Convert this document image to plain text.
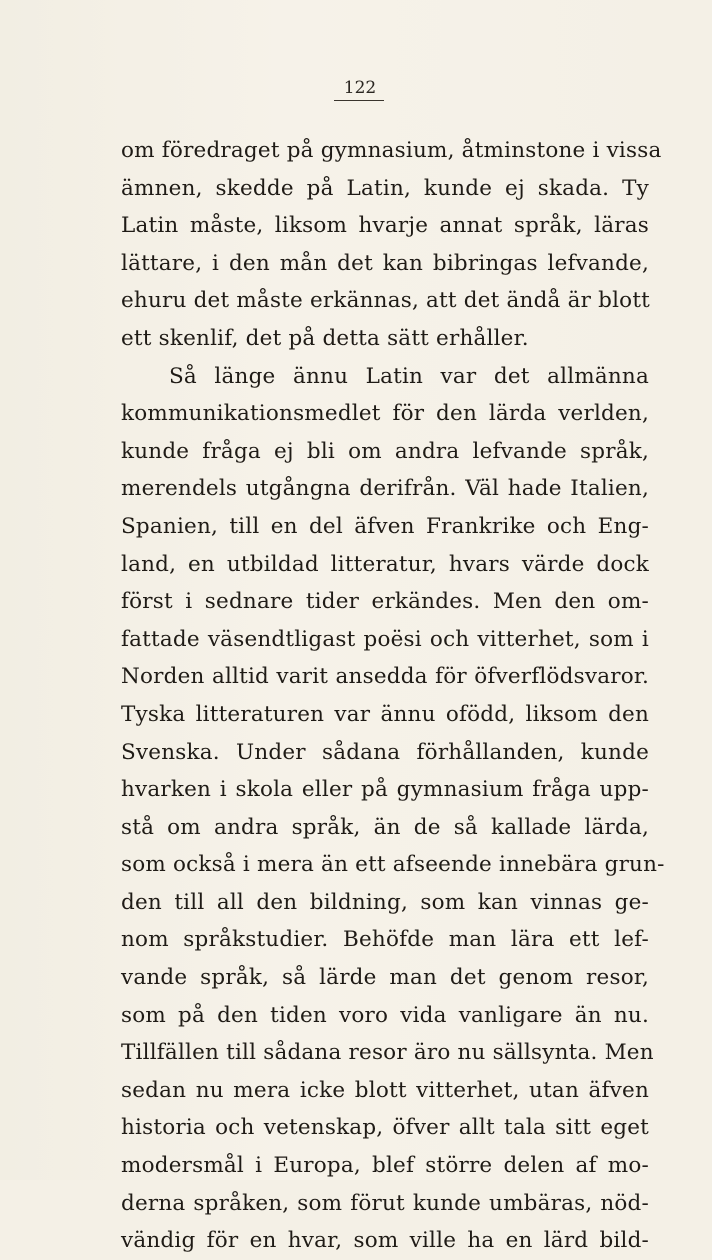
122
om föredraget på gymnasium, åtminstone i vissa
ämnen, skedde på Latin, kunde ej skada. Ty
Latin måste, liksom hvarje annat språk, läras
lättare, i den mån det kan bibringas lefvande,
ehuru det måste erkännas, att det ändå är blott
ett skenlif, det på detta sätt erhåller.
Så länge ännu Latin var det allmänna
kommunikationsmedlet för den lärda verlden,
kunde fråga ej bli om andra lefvande språk,
merendels utgångna derifrån. Väl hade Italien,
Spanien, till en del äfven Frankrike och Eng-
land, en utbildad litteratur, hvars värde dock
först i sednare tider erkändes. Men den om-
fattade väsendtligast poësi och vitterhet, som i
Norden alltid varit ansedda för öfverflödsvaror.
Tyska litteraturen var ännu ofödd, liksom den
Svenska. Under sådana förhållanden, kunde
hvarken i skola eller på gymnasium fråga upp-
stå om andra språk, än de så kallade lärda,
som också i mera än ett afseende innebära grun-
den till all den bildning, som kan vinnas ge-
nom språkstudier. Behöfde man lära ett lef-
vande språk, så lärde man det genom resor,
som på den tiden voro vida vanligare än nu.
Tillfällen till sådana resor äro nu sällsynta. Men
sedan nu mera icke blott vitterhet, utan äfven
historia och vetenskap, öfver allt tala sitt eget
modersmål i Europa, blef större delen af mo-
derna språken, som förut kunde umbäras, nöd-
vändig för en hvar, som ville ha en lärd bild-
